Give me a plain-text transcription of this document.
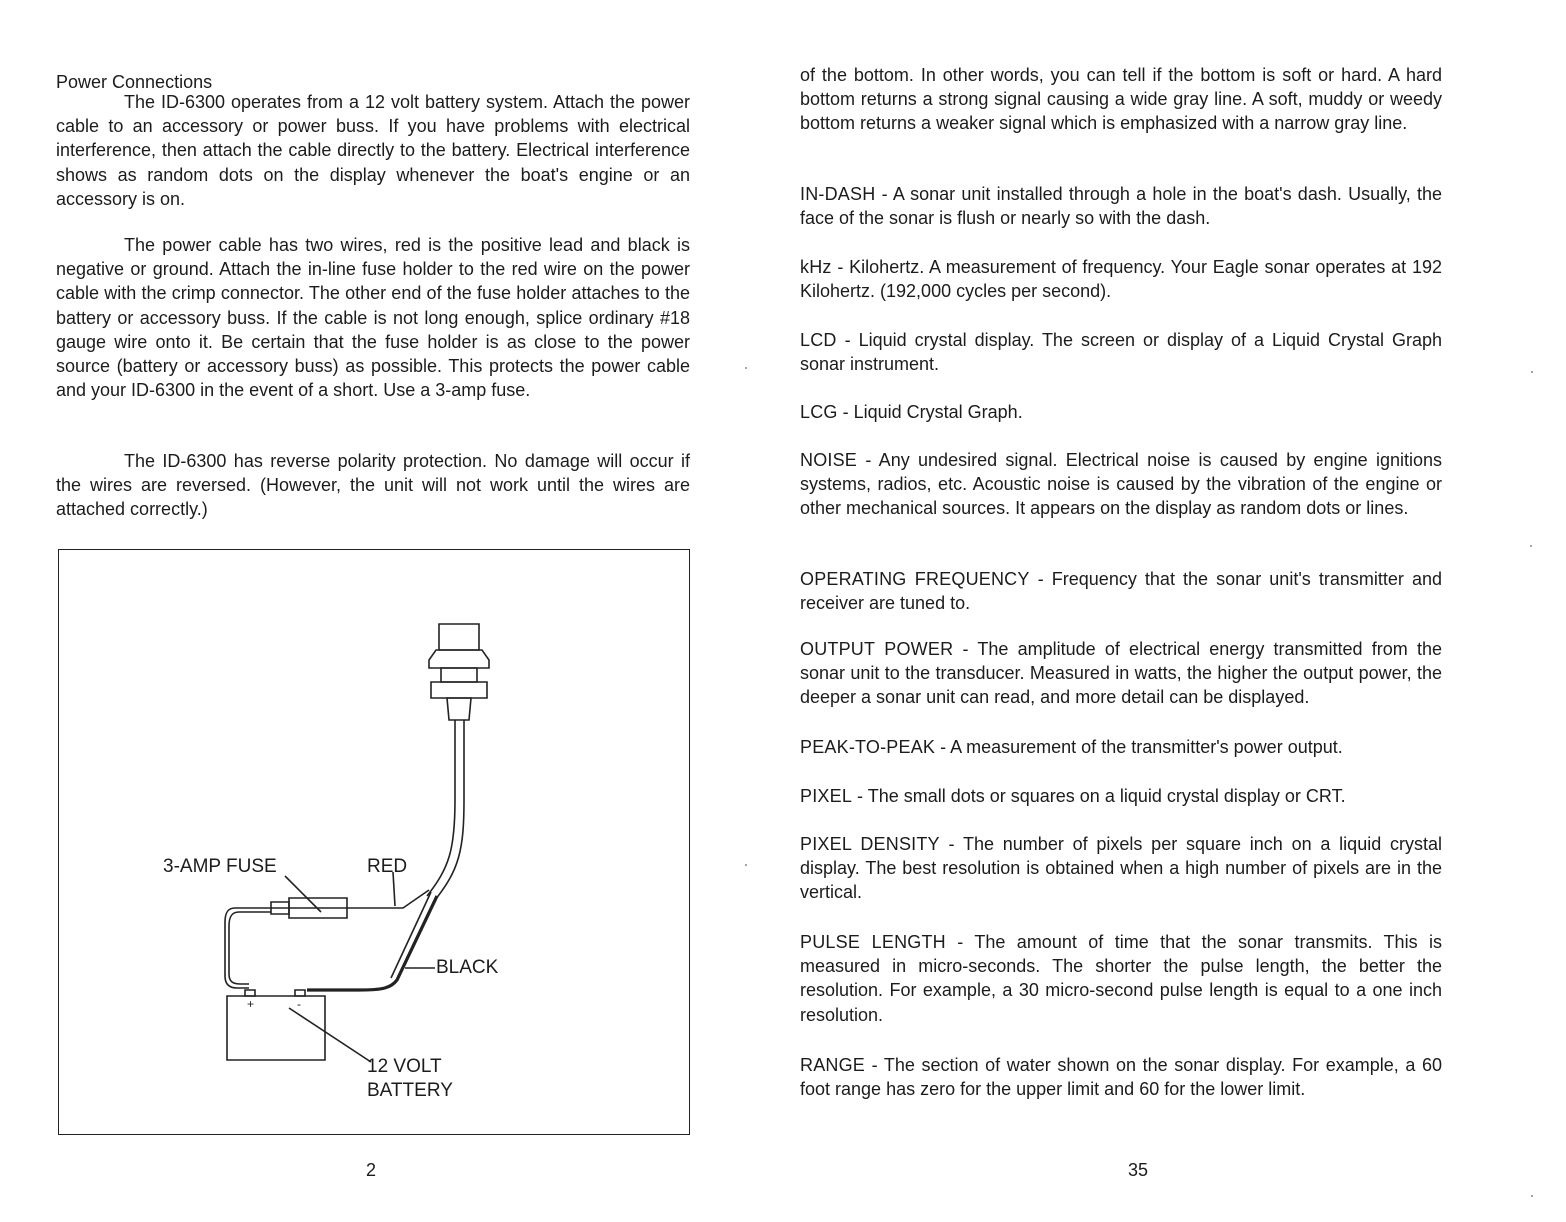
Power Connections

The ID-6300 operates from a 12 volt battery system. Attach the power cable to an accessory or power buss. If you have problems with electrical interference, then attach the cable directly to the battery. Electrical interference shows as random dots on the display whenever the boat's engine or an accessory is on.

The power cable has two wires, red is the positive lead and black is negative or ground. Attach the in-line fuse holder to the red wire on the power cable with the crimp connector. The other end of the fuse holder attaches to the battery or accessory buss. If the cable is not long enough, splice ordinary #18 gauge wire onto it. Be certain that the fuse holder is as close to the power source (battery or accessory buss) as possible. This protects the power cable and your ID-6300 in the event of a short. Use a 3-amp fuse.

The ID-6300 has reverse polarity protection. No damage will occur if the wires are reversed. (However, the unit will not work until the wires are attached correctly.)

+	-
3-AMP FUSE	RED
BLACK
12 VOLT
BATTERY
2

of the bottom. In other words, you can tell if the bottom is soft or hard. A hard bottom returns a strong signal causing a wide gray line. A soft, muddy or weedy bottom returns a weaker signal which is emphasized with a narrow gray line.

IN-DASH - A sonar unit installed through a hole in the boat's dash. Usually, the face of the sonar is flush or nearly so with the dash.

kHz - Kilohertz. A measurement of frequency. Your Eagle sonar operates at 192 Kilohertz. (192,000 cycles per second).

LCD - Liquid crystal display. The screen or display of a Liquid Crystal Graph sonar instrument.

LCG - Liquid Crystal Graph.

NOISE - Any undesired signal. Electrical noise is caused by engine ignitions systems, radios, etc. Acoustic noise is caused by the vibration of the engine or other mechanical sources. It appears on the display as random dots or lines.

OPERATING FREQUENCY - Frequency that the sonar unit's transmitter and receiver are tuned to.

OUTPUT POWER - The amplitude of electrical energy transmitted from the sonar unit to the transducer. Measured in watts, the higher the output power, the deeper a sonar unit can read, and more detail can be displayed.

PEAK-TO-PEAK - A measurement of the transmitter's power output.

PIXEL - The small dots or squares on a liquid crystal display or CRT.

PIXEL DENSITY - The number of pixels per square inch on a liquid crystal display. The best resolution is obtained when a high number of pixels are in the vertical.

PULSE LENGTH - The amount of time that the sonar transmits. This is measured in micro-seconds. The shorter the pulse length, the better the resolution. For example, a 30 micro-second pulse length is equal to a one inch resolution.

RANGE - The section of water shown on the sonar display. For example, a 60 foot range has zero for the upper limit and 60 for the lower limit.

35
